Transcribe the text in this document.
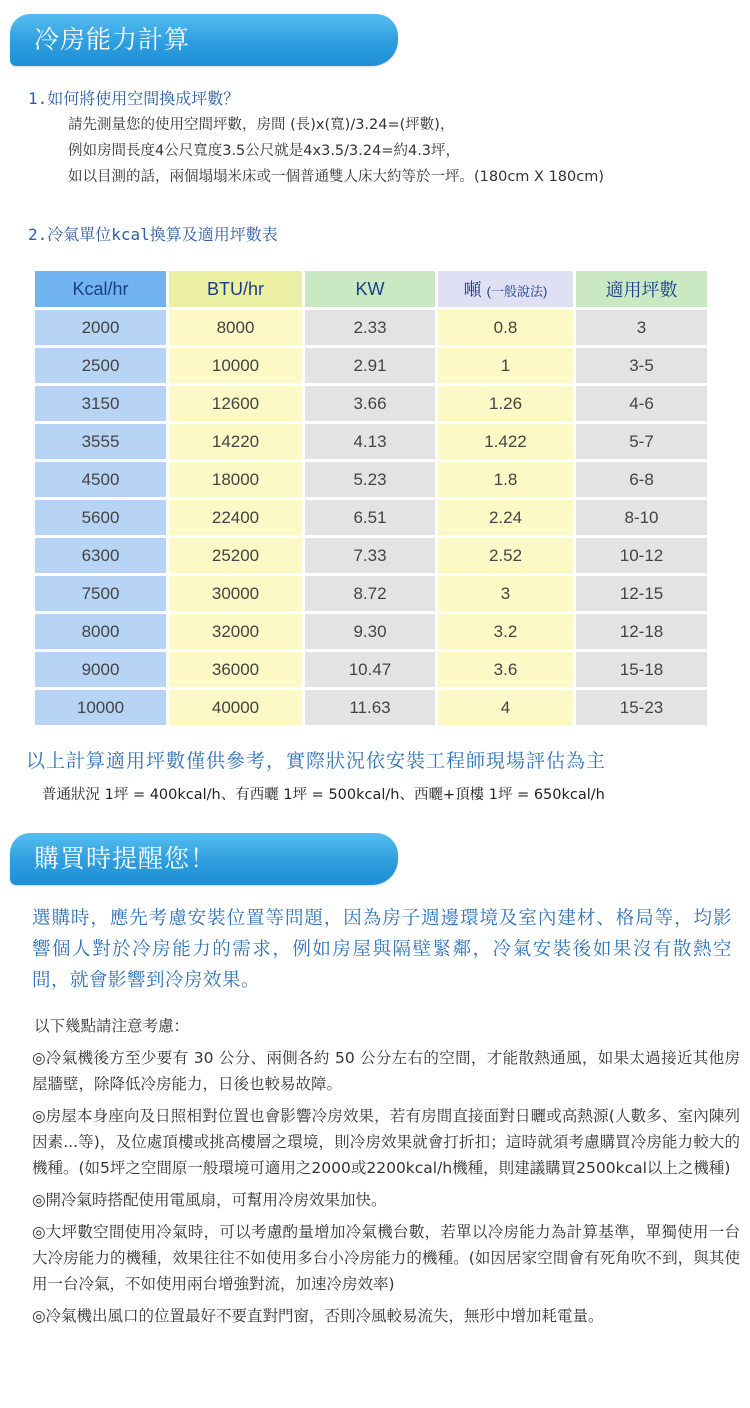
冷房能力計算
1.如何將使用空間換成坪數？
請先測量您的使用空間坪數，房間 (長)x(寬)/3.24=(坪數)，
例如房間長度4公尺寬度3.5公尺就是4x3.5/3.24=約4.3坪，
如以目測的話，兩個塌塌米床或一個普通雙人床大約等於一坪。(180cm X 180cm)
2.冷氣單位kcal換算及適用坪數表
Kcal/hr	BTU/hr	KW	噸 (一般說法)	適用坪數
2000	8000	2.33	0.8	3
2500	10000	2.91	1	3-5
3150	12600	3.66	1.26	4-6
3555	14220	4.13	1.422	5-7
4500	18000	5.23	1.8	6-8
5600	22400	6.51	2.24	8-10
6300	25200	7.33	2.52	10-12
7500	30000	8.72	3	12-15
8000	32000	9.30	3.2	12-18
9000	36000	10.47	3.6	15-18
10000	40000	11.63	4	15-23
以上計算適用坪數僅供參考，實際狀況依安裝工程師現場評估為主
普通狀況 1坪 = 400kcal/h、有西曬 1坪 = 500kcal/h、西曬+頂樓 1坪 = 650kcal/h
購買時提醒您！
選購時，應先考慮安裝位置等問題，因為房子週邊環境及室內建材、格局等，均影響個人對於冷房能力的需求，例如房屋與隔壁緊鄰，冷氣安裝後如果沒有散熱空間，就會影響到冷房效果。
以下幾點請注意考慮：

◎冷氣機後方至少要有 30 公分、兩側各約 50 公分左右的空間，才能散熱通風，如果太過接近其他房屋牆壁，除降低冷房能力，日後也較易故障。

◎房屋本身座向及日照相對位置也會影響冷房效果，若有房間直接面對日曬或高熱源(人數多、室內陳列因素...等)，及位處頂樓或挑高樓層之環境，則冷房效果就會打折扣；這時就須考慮購買冷房能力較大的機種。(如5坪之空間原一般環境可適用之2000或2200kcal/h機種，則建議購買2500kcal以上之機種)

◎開冷氣時搭配使用電風扇，可幫用冷房效果加快。

◎大坪數空間使用冷氣時，可以考慮酌量增加冷氣機台數，若單以冷房能力為計算基準，單獨使用一台大冷房能力的機種，效果往往不如使用多台小冷房能力的機種。(如因居家空間會有死角吹不到，與其使用一台冷氣，不如使用兩台增強對流，加速冷房效率)

◎冷氣機出風口的位置最好不要直對門窗，否則冷風較易流失，無形中增加耗電量。
